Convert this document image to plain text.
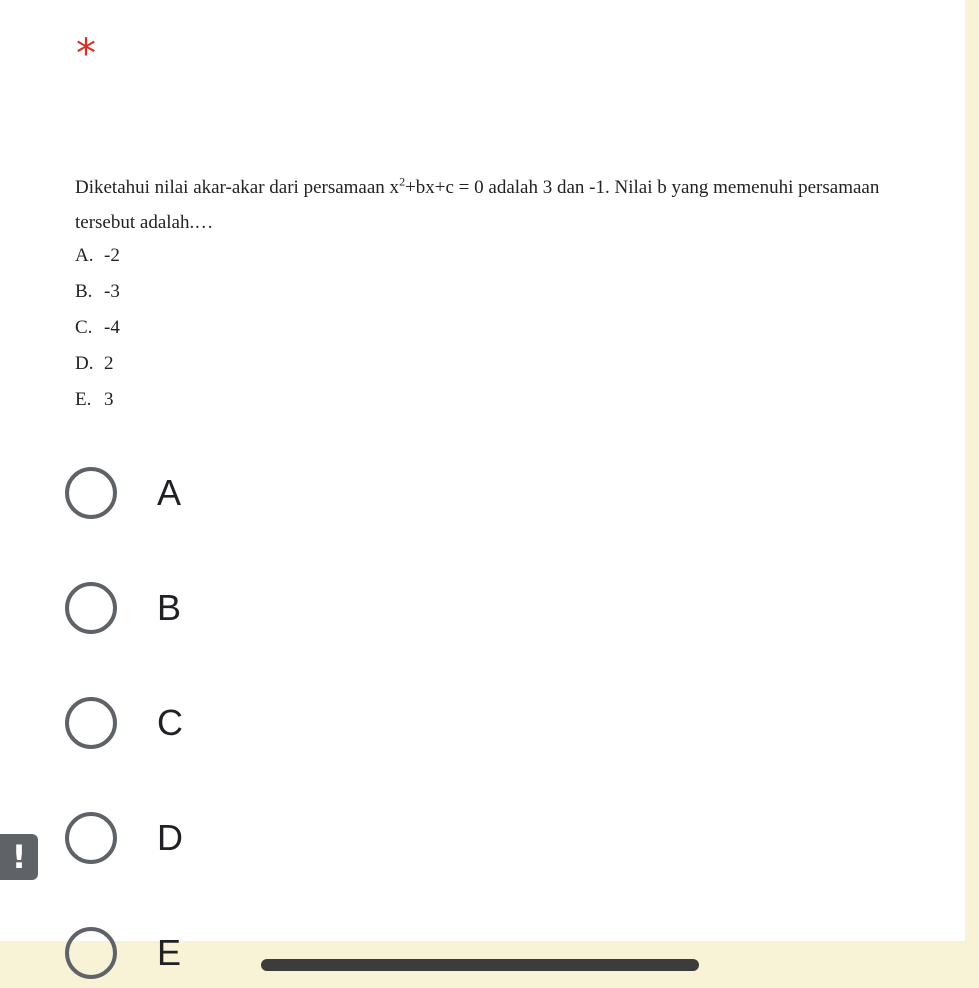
*
Diketahui nilai akar-akar dari persamaan $x^2+bx+c = 0$ adalah 3 dan -1. Nilai b yang memenuhi persamaan tersebut adalah.…
A. -2
B. -3
C. -4
D. 2
E. 3
A
B
C
D
E
!
